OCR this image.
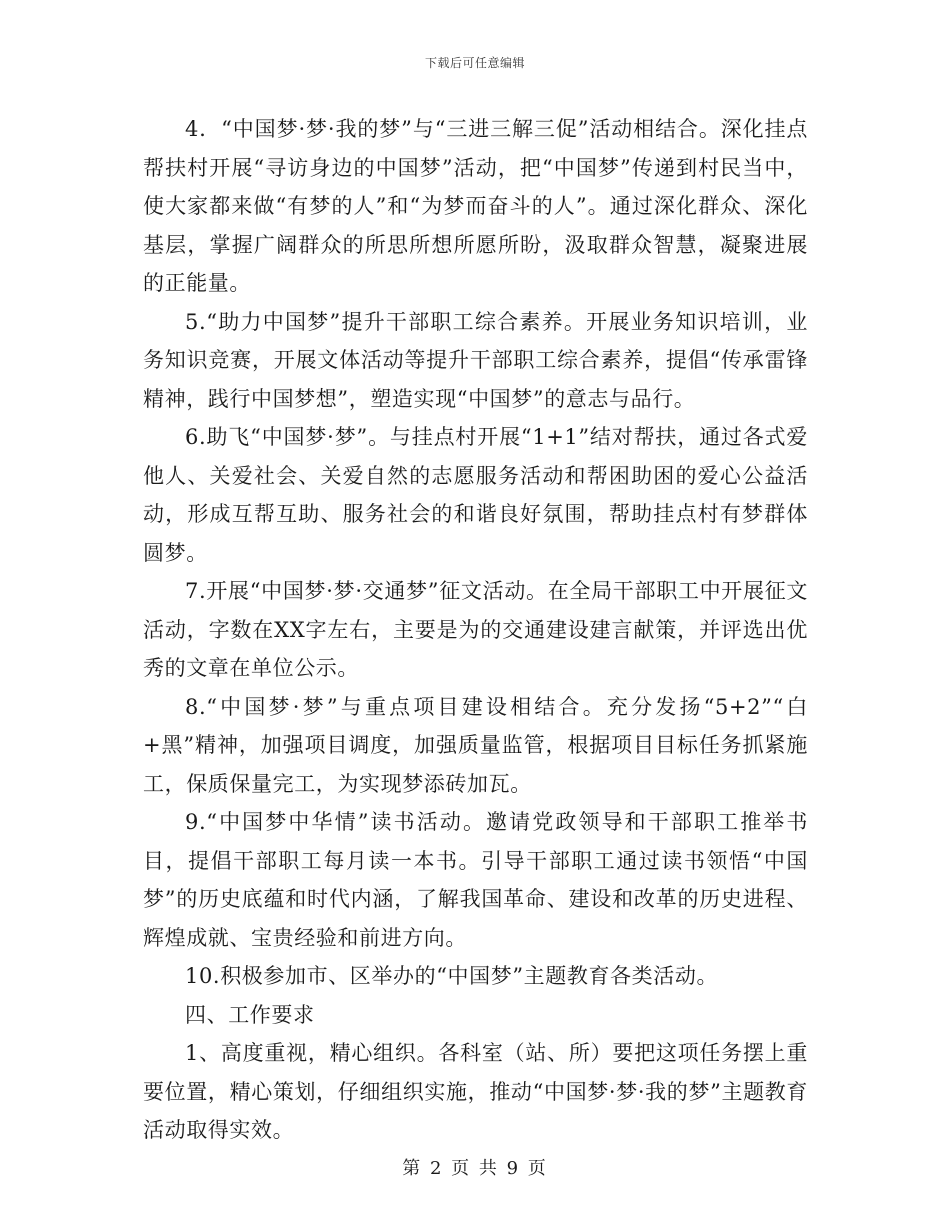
下载后可任意编辑

4．“中国梦·梦·我的梦”与“三进三解三促”活动相结合。深化挂点帮扶村开展“寻访身边的中国梦”活动，把“中国梦”传递到村民当中，使大家都来做“有梦的人”和“为梦而奋斗的人”。通过深化群众、深化基层，掌握广阔群众的所思所想所愿所盼，汲取群众智慧，凝聚进展的正能量。

5.“助力中国梦”提升干部职工综合素养。开展业务知识培训，业务知识竞赛，开展文体活动等提升干部职工综合素养，提倡“传承雷锋精神，践行中国梦想”，塑造实现“中国梦”的意志与品行。

6.助飞“中国梦·梦”。与挂点村开展“1+1”结对帮扶，通过各式爱他人、关爱社会、关爱自然的志愿服务活动和帮困助困的爱心公益活动，形成互帮互助、服务社会的和谐良好氛围，帮助挂点村有梦群体圆梦。

7.开展“中国梦·梦·交通梦”征文活动。在全局干部职工中开展征文活动，字数在XX字左右，主要是为的交通建设建言献策，并评选出优秀的文章在单位公示。

8.“中国梦·梦”与重点项目建设相结合。充分发扬“5+2”“白+黑”精神，加强项目调度，加强质量监管，根据项目目标任务抓紧施工，保质保量完工，为实现梦添砖加瓦。

9.“中国梦中华情”读书活动。邀请党政领导和干部职工推举书目，提倡干部职工每月读一本书。引导干部职工通过读书领悟“中国梦”的历史底蕴和时代内涵，了解我国革命、建设和改革的历史进程、辉煌成就、宝贵经验和前进方向。

10.积极参加市、区举办的“中国梦”主题教育各类活动。

四、工作要求

1、高度重视，精心组织。各科室（站、所）要把这项任务摆上重要位置，精心策划，仔细组织实施，推动“中国梦·梦·我的梦”主题教育活动取得实效。

第 2 页 共 9 页
